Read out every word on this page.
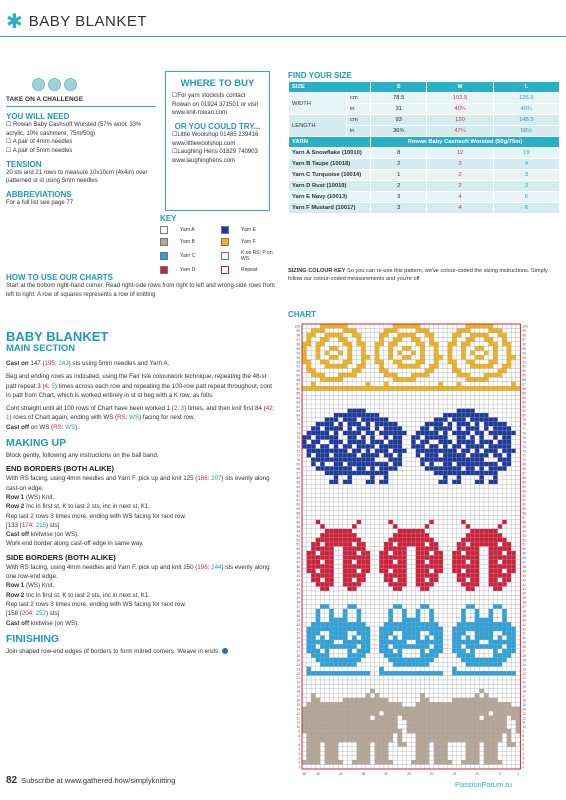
✱ BABY BLANKET
TAKE ON A CHALLENGE
YOU WILL NEED
☐ Rowan Baby Cashsoft Worsted (57% wool, 33% acrylic, 10% cashmere, 75m/50g)
☐ A pair of 4mm needles
☐ A pair of 5mm needles
TENSION
20 sts and 21 rows to measure 10x10cm (4x4in) over patterned st st using 5mm needles
ABBREVIATIONS
For a full list see page 77
HOW TO USE OUR CHARTS
Start at the bottom right-hand corner. Read right-side rows from right to left and wrong-side rows from left to right. A row of squares represents a row of knitting
WHERE TO BUY
☐For yarn stockists contact Rowan on 01924 371501 or visit www.knit-rowan.com
OR YOU COULD TRY...
☐Little Woolshop 01485 239416 www.littlewoolshop.com
☐Laughing Hens 01829 740903 www.laughinghens.com
KEY
Yarn A	Yarn E
Yarn B	Yarn F
Yarn C	K on RS; P on WS
Yarn D	Repeat
FIND YOUR SIZE
SIZE		S	M	L
WIDTH	cm	78.5	102.5	126.5
	in	31	40¼	49¾
LENGTH	cm	93	120	148.5
	in	36¾	47¼	58½
YARN		Rowan Baby Cashsoft Worsted (50g/75m)		
Yarn A Snowflake (10010)		8	12	19
Yarn B Taupe (10018)		2	3	4
Yarn C Turquoise (10014)		1	2	3
Yarn D Rust (10019)		2	2	3
Yarn E Navy (10013)		3	4	6
Yarn F Mustard (10017)		3	4	6
SIZING COLOUR KEY So you can re-use this pattern, we've colour-coded the sizing instructions. Simply follow our colour-coded measurements and you're off
BABY BLANKET
MAIN SECTION

Cast on 147 (195: 243) sts using 5mm needles and Yarn A.

Beg and ending rows as indicated, using the Fair Isle colourwork technique, repeating the 48-st patt repeat 3 (4: 5) times across each row and repeating the 100-row patt repeat throughout, cont in patt from Chart, which is worked entirely in st st beg with a K row, as folls:

Cont straight until all 100 rows of Chart have been worked 1 (2: 3) times, and then knit first 84 (42: 1) rows of Chart again, ending with WS (RS: WS) facing for next row.
Cast off on WS (RS: WS).

MAKING UP

Block gently, following any instructions on the ball band.

END BORDERS (BOTH ALIKE)

With RS facing, using 4mm needles and Yarn F, pick up and knit 125 (166: 207) sts evenly along cast-on edge.
Row 1 (WS) Knit.
Row 2 Inc in first st, K to last 2 sts, inc in next st, K1.
Rep last 2 rows 3 times more, ending with WS facing for next row.
[133 (174: 215) sts]
Cast off knitwise (on WS).
Work end border along cast-off edge in same way.

SIDE BORDERS (BOTH ALIKE)

With RS facing, using 4mm needles and Yarn F, pick up and knit 150 (196: 244) sts evenly along one row-end edge.
Row 1 (WS) Knit.
Row 2 Inc in first st, K to last 2 sts, inc in next st, K1.
Rep last 2 rows 3 times more, ending with WS facing for next row.
[158 (204: 252) sts]
Cast off knitwise (on WS).

FINISHING

Join shaped row-end edges of borders to form mitred corners. Weave in ends.

CHART
100	100
99	99
98	98
97	97
96	96
95	95
94	94
93	93
92	92
91	91
90	90
89	89
88	88
87	87
86	86
85	85
84	84
83	83
82	82
81	81
80	80
79	79
78	78
77	77
76	76
75	75
74	74
73	73
72	72
71	71
70	70
69	69
68	68
67	67
66	66
65	65
64	64
63	63
62	62
61	61
60	60
59	59
58	58
57	57
56	56
55	55
54	54
53	53
52	52
51	51
50	50
49	49
48	48
47	47
46	46
45	45
44	44
43	43
42	42
41	41
40	40
39	39
38	38
37	37
36	36
35	35
34	34
33	33
32	32
31	31
30	30
29	29
28	28
27	27
26	26
25	25
24	24
23	23
22	22
21	21
20	20
19	19
18	18
17	17
16	16
15	15
14	14
13	13
12	12
11	11
10	10
9	9
8	8
7	7
6	6
5	5
4	4
3	3
2	2
1	1
48	45	40	35	30	25	20	15	10	5	1
82 Subscribe at www.gathered.how/simplyknitting	PassionForum.ru
